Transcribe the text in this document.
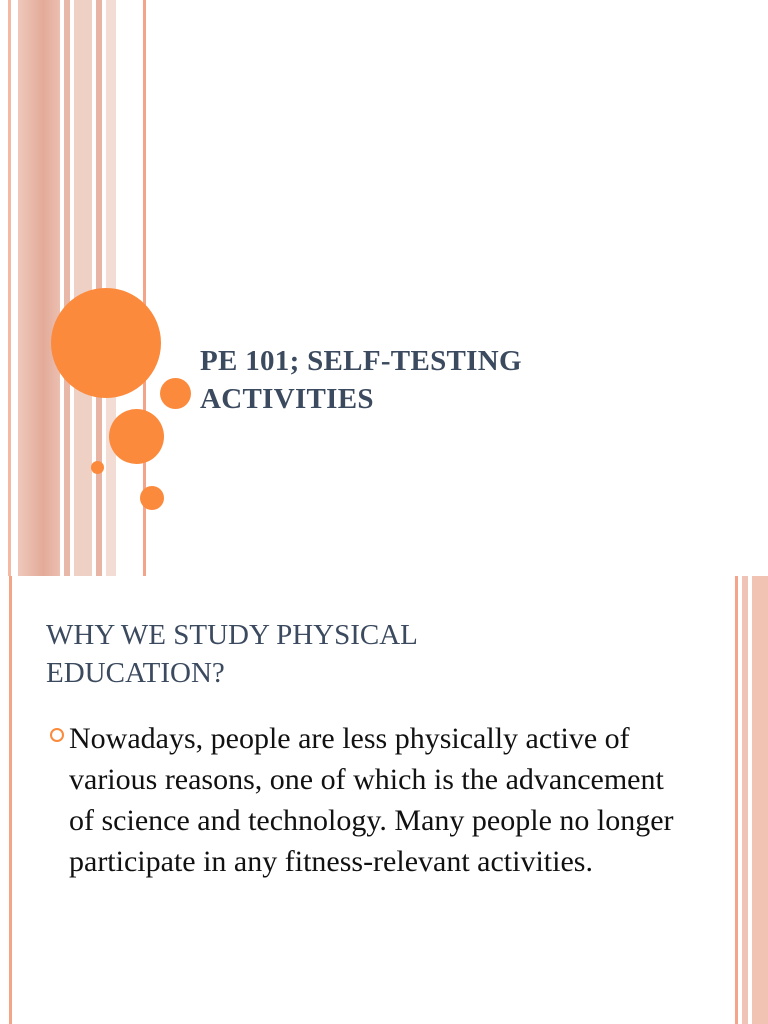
PE 101; SELF-TESTING
ACTIVITIES
WHY WE STUDY PHYSICAL
EDUCATION?
Nowadays, people are less physically active of various reasons, one of which is the advancement of science and technology. Many people no longer participate in any fitness-relevant activities.
